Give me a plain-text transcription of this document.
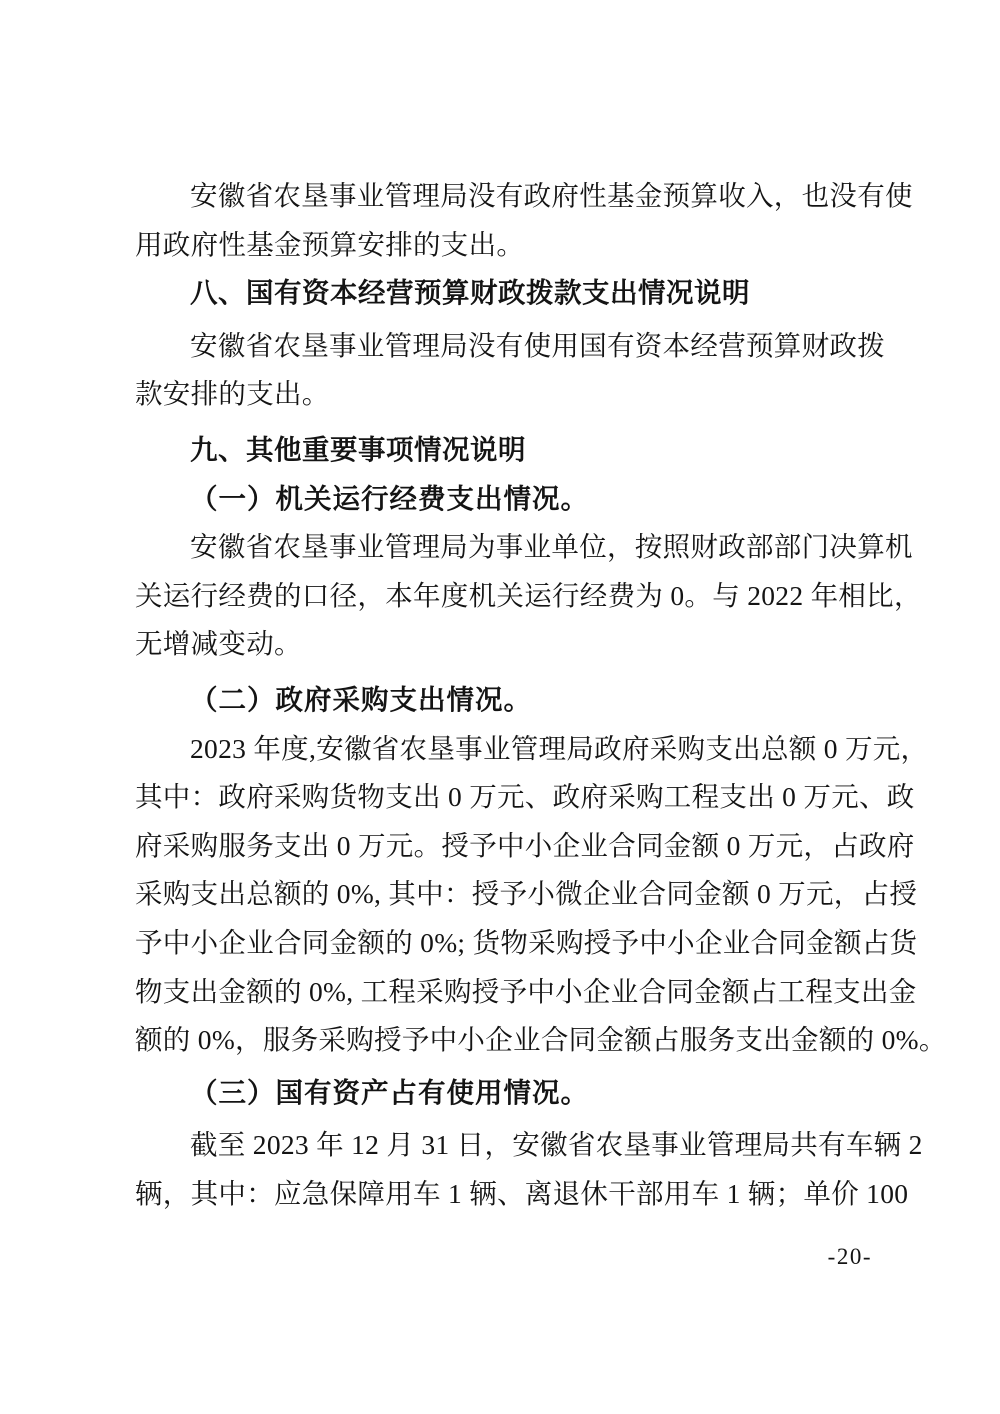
安徽省农垦事业管理局没有政府性基金预算收入，也没有使
用政府性基金预算安排的支出。
八、国有资本经营预算财政拨款支出情况说明
安徽省农垦事业管理局没有使用国有资本经营预算财政拨
款安排的支出。
九、其他重要事项情况说明
（一）机关运行经费支出情况。
安徽省农垦事业管理局为事业单位，按照财政部部门决算机
关运行经费的口径，本年度机关运行经费为 0。与 2022 年相比，
无增减变动。
（二）政府采购支出情况。
2023 年度,安徽省农垦事业管理局政府采购支出总额 0 万元，
其中：政府采购货物支出 0 万元、政府采购工程支出 0 万元、政
府采购服务支出 0 万元。授予中小企业合同金额 0 万元，占政府
采购支出总额的 0%, 其中：授予小微企业合同金额 0 万元，占授
予中小企业合同金额的 0%; 货物采购授予中小企业合同金额占货
物支出金额的 0%, 工程采购授予中小企业合同金额占工程支出金
额的 0%，服务采购授予中小企业合同金额占服务支出金额的 0%。
（三）国有资产占有使用情况。
截至 2023 年 12 月 31 日，安徽省农垦事业管理局共有车辆 2
辆，其中：应急保障用车 1 辆、离退休干部用车 1 辆；单价 100
-20-
